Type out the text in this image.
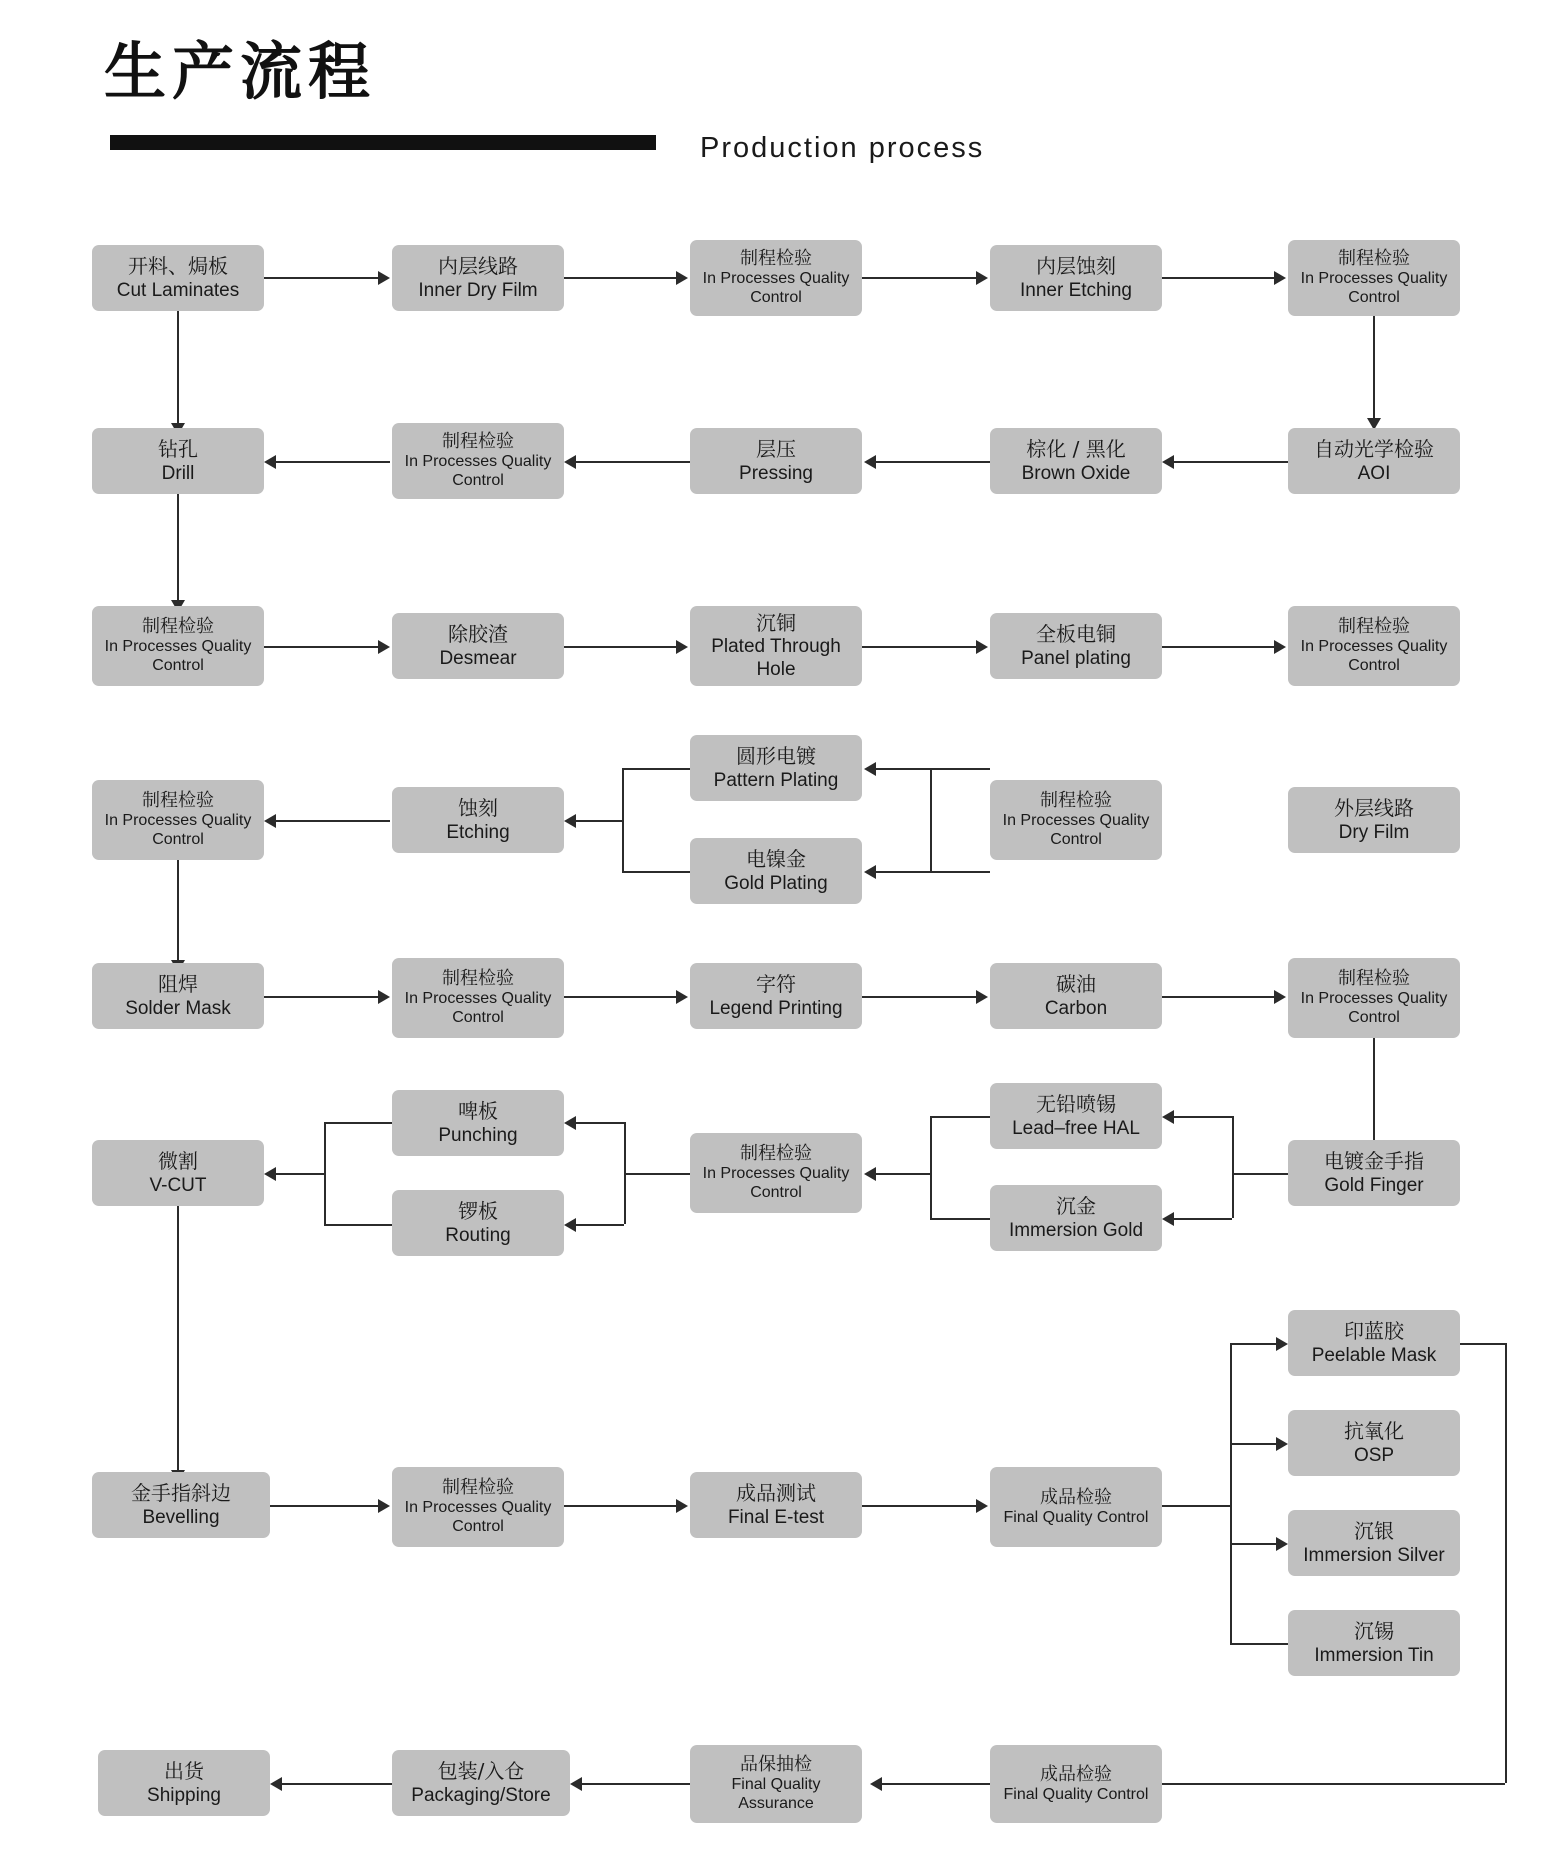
生产流程
Production process
开料、焗板
Cut Laminates
内层线路
Inner Dry Film
制程检验
In Processes Quality Control
内层蚀刻
Inner Etching
制程检验
In Processes Quality Control
钻孔
Drill
制程检验
In Processes Quality Control
层压
Pressing
棕化 / 黑化
Brown Oxide
自动光学检验
AOI
制程检验
In Processes Quality Control
除胶渣
Desmear
沉铜
Plated Through Hole
全板电铜
Panel plating
制程检验
In Processes Quality Control
制程检验
In Processes Quality Control
蚀刻
Etching
圆形电镀
Pattern Plating
电镍金
Gold Plating
制程检验
In Processes Quality Control
外层线路
Dry Film
阻焊
Solder Mask
制程检验
In Processes Quality Control
字符
Legend Printing
碳油
Carbon
制程检验
In Processes Quality Control
微割
V-CUT
啤板
Punching
锣板
Routing
制程检验
In Processes Quality Control
无铅喷锡
Lead–free HAL
沉金
Immersion Gold
电镀金手指
Gold Finger
印蓝胶
Peelable Mask
抗氧化
OSP
沉银
Immersion Silver
沉锡
Immersion Tin
金手指斜边
Bevelling
制程检验
In Processes Quality Control
成品测试
Final E-test
成品检验
Final Quality Control
出货
Shipping
包装/入仓
Packaging/Store
品保抽检
Final Quality Assurance
成品检验
Final Quality Control
